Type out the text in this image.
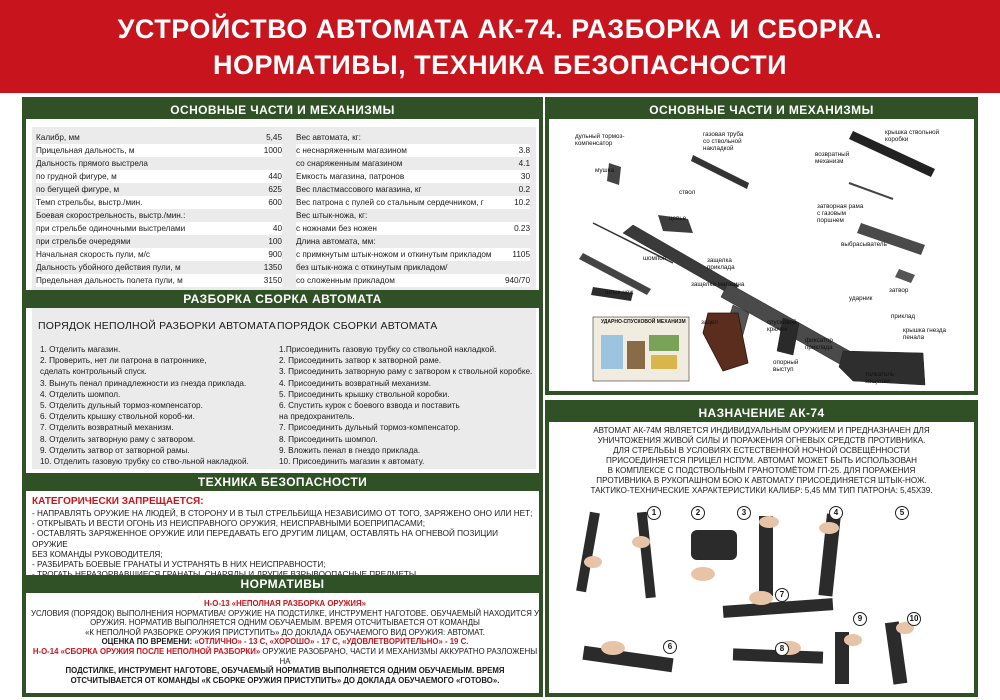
УСТРОЙСТВО АВТОМАТА АК-74. РАЗБОРКА И СБОРКА.
НОРМАТИВЫ, ТЕХНИКА БЕЗОПАСНОСТИ
ОСНОВНЫЕ ЧАСТИ И МЕХАНИЗМЫ
Калибр, мм	5,45
Прицельная дальность, м	1000
Дальность прямого выстрела
по грудной фигуре, м	440
по бегущей фигуре, м	625
Темп стрельбы, выстр./мин.	600
Боевая скорострельность, выстр./мин.:
при стрельбе одиночными выстрелами	40
при стрельбе очередями	100
Начальная скорость пули, м/с	900
Дальность убойного действия пули, м	1350
Предельная дальность полета пули, м	3150
Вес автомата, кг:
с неснаряженным магазином	3.8
со снаряженным магазином	4.1
Емкость магазина, патронов	30
Вес пластмассового магазина, кг	0.2
Вес патрона с пулей со стальным сердечником, г	10.2
Вес штык-ножа, кг:
с ножнами без ножен	0.23
Длина автомата, мм:
с примкнутым штык-ножом и откинутым прикладом	1105
без штык-ножа с откинутым прикладом/
со сложенным прикладом	940/70
РАЗБОРКА СБОРКА АВТОМАТА
ПОРЯДОК НЕПОЛНОЙ РАЗБОРКИ АВТОМАТА ПОРЯДОК СБОРКИ АВТОМАТА
1. Отделить магазин.
2. Проверить, нет ли патрона в патроннике,
сделать контрольный спуск.
3. Вынуть пенал принадлежности из гнезда приклада.
4. Отделить шомпол.
5. Отделить дульный тормоз-компенсатор.
6. Отделить крышку ствольной короб-ки.
7. Отделить возвратный механизм.
8. Отделить затворную раму с затвором.
9. Отделить затвор от затворной рамы.
10. Отделить газовую трубку со ство-льной накладкой.
1.Присоединить газовую трубку со ствольной накладкой.
2. Присоединить затвор к затворной раме.
3. Присоединить затворную раму с затвором к ствольной коробке.
4. Присоединить возвратный механизм.
5. Присоединить крышку ствольной коробки.
6. Спустить курок с боевого взвода и поставить
на предохранитель.
7. Присоединить дульный тормоз-компенсатор.
8. Присоединить шомпол.
9. Вложить пенал в гнездо приклада.
10. Присоединить магазин к автомату.
ТЕХНИКА БЕЗОПАСНОСТИ
КАТЕГОРИЧЕСКИ ЗАПРЕЩАЕТСЯ:

- НАПРАВЛЯТЬ ОРУЖИЕ НА ЛЮДЕЙ, В СТОРОНУ И В ТЫЛ СТРЕЛЬБИЩА НЕЗАВИСИМО ОТ ТОГО, ЗАРЯЖЕНО ОНО ИЛИ НЕТ;

- ОТКРЫВАТЬ И ВЕСТИ ОГОНЬ ИЗ НЕИСПРАВНОГО ОРУЖИЯ, НЕИСПРАВНЫМИ БОЕПРИПАСАМИ;

- ОСТАВЛЯТЬ ЗАРЯЖЕННОЕ ОРУЖИЕ ИЛИ ПЕРЕДАВАТЬ ЕГО ДРУГИМ ЛИЦАМ, ОСТАВЛЯТЬ НА ОГНЕВОЙ ПОЗИЦИИ ОРУЖИЕ

БЕЗ КОМАНДЫ РУКОВОДИТЕЛЯ;

- РАЗБИРАТЬ БОЕВЫЕ ГРАНАТЫ И УСТРАНЯТЬ В НИХ НЕИСПРАВНОСТИ;

НОРМАТИВЫ
Н-О-13 «НЕПОЛНАЯ РАЗБОРКА ОРУЖИЯ»
УСЛОВИЯ (ПОРЯДОК) ВЫПОЛНЕНИЯ НОРМАТИВА! ОРУЖИЕ НА ПОДСТИЛКЕ, ИНСТРУМЕНТ НАГОТОВЕ. ОБУЧАЕМЫЙ НАХОДИТСЯ У
ОРУЖИЯ. НОРМАТИВ ВЫПОЛНЯЕТСЯ ОДНИМ ОБУЧАЕМЫМ. ВРЕМЯ ОТСЧИТЫВАЕТСЯ ОТ КОМАНДЫ
«К НЕПОЛНОЙ РАЗБОРКЕ ОРУЖИЯ ПРИСТУПИТЬ» ДО ДОКЛАДА ОБУЧАЕМОГО ВИД ОРУЖИЯ: АВТОМАТ.
ОЦЕНКА ПО ВРЕМЕНИ: «ОТЛИЧНО» - 13 С, «ХОРОШО» - 17 С, «УДОВЛЕТВОРИТЕЛЬНО» - 19 С.
Н-О-14 «СБОРКА ОРУЖИЯ ПОСЛЕ НЕПОЛНОЙ РАЗБОРКИ» ОРУЖИЕ РАЗОБРАНО, ЧАСТИ И МЕХАНИЗМЫ АККУРАТНО РАЗЛОЖЕНЫ НА
ПОДСТИЛКЕ, ИНСТРУМЕНТ НАГОТОВЕ, ОБУЧАЕМЫЙ НОРМАТИВ ВЫПОЛНЯЕТСЯ ОДНИМ ОБУЧАЕМЫМ. ВРЕМЯ
ОТСЧИТЫВАЕТСЯ ОТ КОМАНДЫ «К СБОРКЕ ОРУЖИЯ ПРИСТУПИТЬ» ДО ДОКЛАДА ОБУЧАЕМОГО «ГОТОВО».
ОСНОВНЫЕ ЧАСТИ И МЕХАНИЗМЫ
дульный тормоз-
компенсатор
мушка
газовая труба
со ствольной
накладкой
ствол
цевье
шомпол
штык-нож
защелка магазина
зацеп
возвратный
механизм
крышка ствольной
коробки
затворная рама
с газовым
поршнем
выбрасыватель
затвор
ударник
приклад
крышка гнезда
пенала
фиксатор
приклада
спусковой
крючок
опорный
выступ
толкатель
защелки
защелка
приклада
УДАРНО-СПУСКОВОЙ МЕХАНИЗМ
НАЗНАЧЕНИЕ АК-74
АВТОМАТ АК-74М ЯВЛЯЕТСЯ ИНДИВИДУАЛЬНЫМ ОРУЖИЕМ И ПРЕДНАЗНАЧЕН ДЛЯ
УНИЧТОЖЕНИЯ ЖИВОЙ СИЛЫ И ПОРАЖЕНИЯ ОГНЕВЫХ СРЕДСТВ ПРОТИВНИКА.
ДЛЯ СТРЕЛЬБЫ В УСЛОВИЯХ ЕСТЕСТВЕННОЙ НОЧНОЙ ОСВЕЩЁННОСТИ
ПРИСОЕДИНЯЕТСЯ ПРИЦЕЛ НСПУМ. АВТОМАТ МОЖЕТ БЫТЬ ИСПОЛЬЗОВАН
В КОМПЛЕКСЕ С ПОДСТВОЛЬНЫМ ГРАНОТОМЁТОМ ГП-25. ДЛЯ ПОРАЖЕНИЯ
ПРОТИВНИКА В РУКОПАШНОМ БОЮ К АВТОМАТУ ПРИСОЕДИНЯЕТСЯ ШТЫК-НОЖ.
ТАКТИКО-ТЕХНИЧЕСКИЕ ХАРАКТЕРИСТИКИ КАЛИБР: 5,45 ММ ТИП ПАТРОНА: 5,45Х39.
1	2	3	4	5
6
7
8
9	10
